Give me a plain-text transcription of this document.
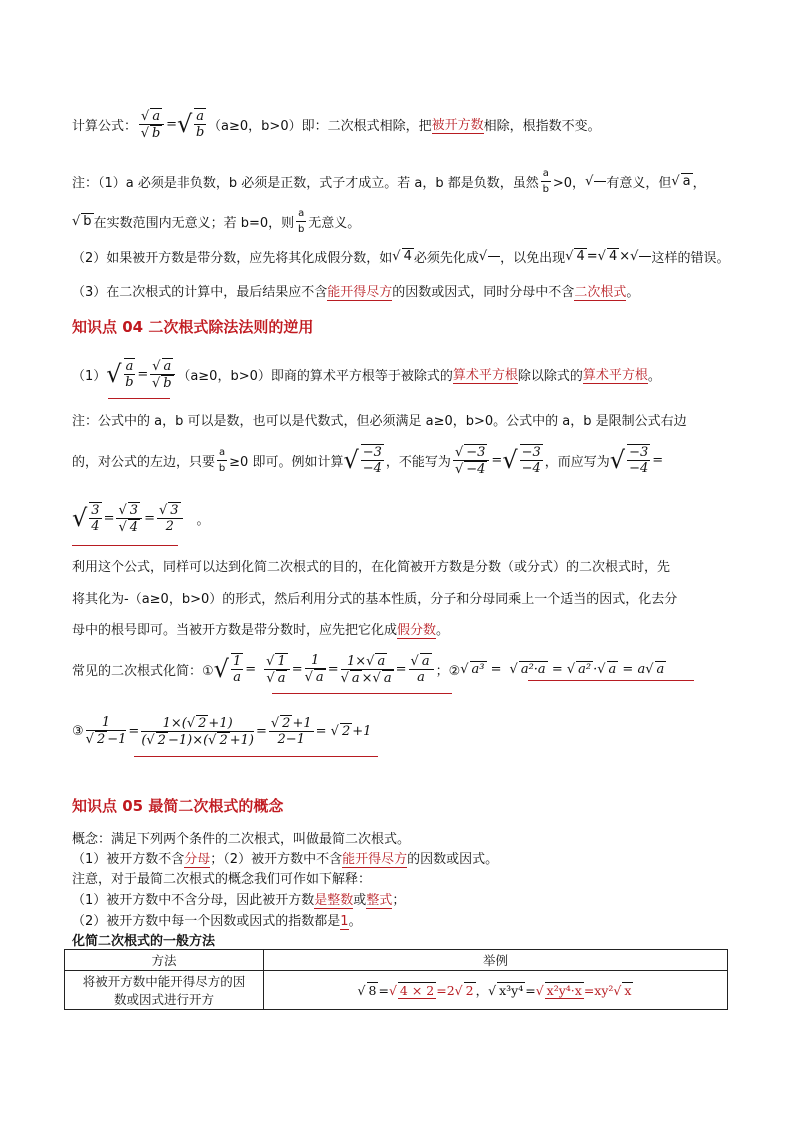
计算公式： $\frac{√ a}{√ b}$ = √ $\frac{a}{b} (a\ge 0$，b>0）即：二次根式相除，把 被开方数 相除，根指数不变。
注：（1）a 必须是非负数，b 必须是正数，式子才成立。若 a，b 都是负数，虽然 $\frac{a}{b} >0$， √ 有意义，但 √ a ，
√ b 在实数范围内无意义；若 b=0，则 $\frac{a}{b}$ 无意义。
（2）如果被开方数是带分数，应先将其化成假分数，如 √ 4 必须先化成 √ ，以免出现 √ 4 = √ 4 × √ 这样的错误。
（3）在二次根式的计算中，最后结果应不含能开得尽方的因数或因式，同时分母中不含二次根式。
知识点 04 二次根式除法法则的逆用
（1） √ $\frac{a}{b} = \frac{√ a}{√ b} (a\ge 0$，b>0）即商的算术平方根等于被除式的 算术平方根 除以除式的 算术平方根 。
注：公式中的 a，b 可以是数，也可以是代数式，但必须满足 a≥0，b>0。公式中的 a，b 是限制公式右边
的，对公式的左边，只要 $\frac{a}{b} \ge 0$ 即可。例如计算 √ $\frac{-3}{-4}$ ，不能写为 $\frac{√ -3}{√ -4}$ = √ $\frac{-3}{-4}$ ，而应写为 √ $\frac{-3}{-4}$ =
√ $\frac{3}{4} = \frac{√ 3}{√ 4} = \frac{√ 3}{2}$ 。
利用这个公式，同样可以达到化简二次根式的目的，在化简被开方数是分数（或分式）的二次根式时，先
将其化为-（a≥0，b>0）的形式，然后利用分式的基本性质，分子和分母同乘上一个适当的因式，化去分
母中的根号即可。当被开方数是带分数时，应先把它化成假分数。
常见的二次根式化简：① √ $\frac{1}{a} = \frac{√ 1}{√ a} = \frac{1}{√ a} = \frac{1\times√ a}{√ a \times√ a} = \frac{√ a}{a}$ ；② √ a³ = √ a²·a = √ a² ·√ a = a√ a
③ $\frac{1}{√ 2 -1} = \frac{1\times(√ 2 +1)}{(√ 2 -1)\times(√ 2 +1)} = \frac{√ 2 +1}{2-1}$ = √ 2 +1
知识点 05 最简二次根式的概念
概念：满足下列两个条件的二次根式，叫做最简二次根式。
（1）被开方数不含分母；（2）被开方数中不含能开得尽方的因数或因式。
注意，对于最简二次根式的概念我们可作如下解释：
（1）被开方数中不含分母，因此被开方数是整数或整式；
（2）被开方数中每一个因数或因式的指数都是1。
化简二次根式的一般方法
方法	举例

将被开方数中能开得尽方的因
数或因式进行开方	√ 8 =√ 4 × 2 =2√ 2 ，√ x³y⁴ =√ x²y⁴·x =xy²√ x
